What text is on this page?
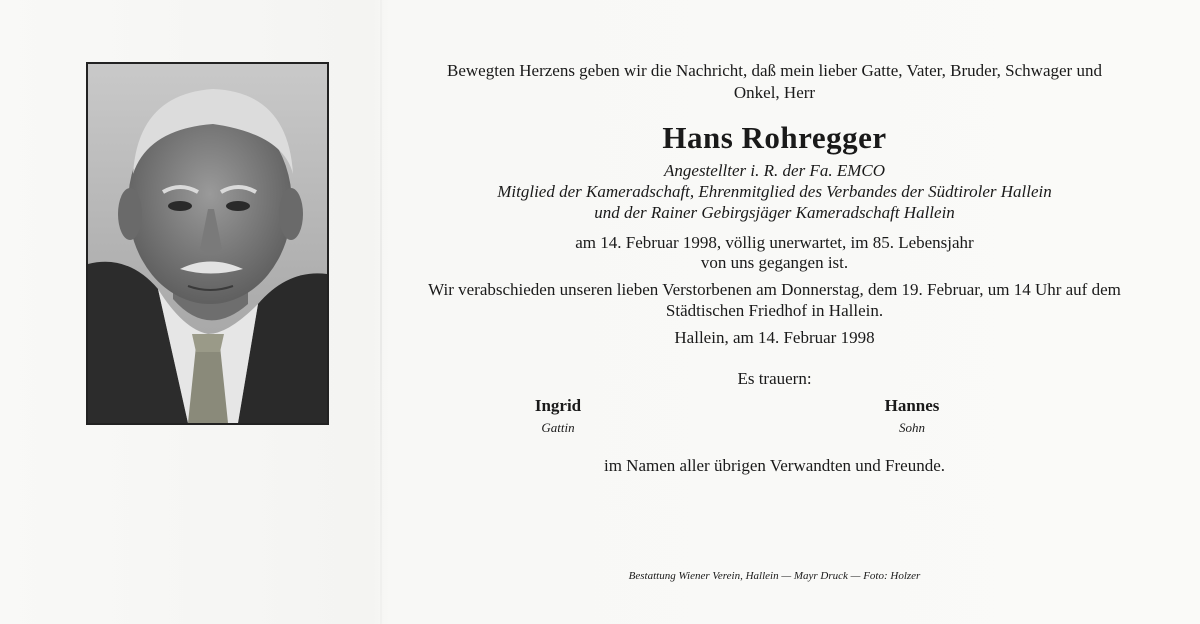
Bewegten Herzens geben wir die Nachricht, daß mein lieber Gatte, Vater, Bruder, Schwager und
Onkel, Herr

Hans Rohregger

Angestellter i. R. der Fa. EMCO
Mitglied der Kameradschaft, Ehrenmitglied des Verbandes der Südtiroler Hallein
und der Rainer Gebirgsjäger Kameradschaft Hallein

am 14. Februar 1998, völlig unerwartet, im 85. Lebensjahr
von uns gegangen ist.

Wir verabschieden unseren lieben Verstorbenen am Donnerstag, dem 19. Februar, um 14 Uhr auf dem
Städtischen Friedhof in Hallein.

Hallein, am 14. Februar 1998

Es trauern:

Ingrid
Gattin
Hannes
Sohn
im Namen aller übrigen Verwandten und Freunde.
Bestattung Wiener Verein, Hallein — Mayr Druck — Foto: Holzer
